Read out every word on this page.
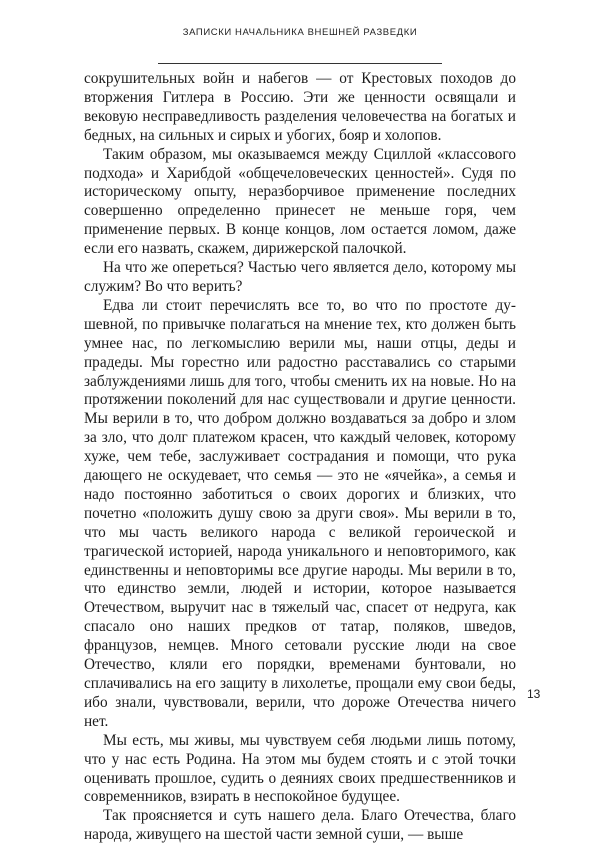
ЗАПИСКИ НАЧАЛЬНИКА ВНЕШНЕЙ РАЗВЕДКИ

сокрушительных войн и набегов — от Крестовых походов до вторжения Гитлера в Россию. Эти же ценности освящали и вековую несправедливость разделения человечества на богатых и бедных, на сильных и сирых и убогих, бояр и холопов.

Таким образом, мы оказываемся между Сциллой «классового подхода» и Харибдой «общечеловеческих ценностей». Судя по историческому опыту, неразборчивое применение последних совершенно определенно принесет не меньше горя, чем применение первых. В конце концов, лом остается ломом, даже если его назвать, скажем, дирижерской палочкой.

На что же опереться? Частью чего является дело, которому мы служим? Во что верить?

Едва ли стоит перечислять все то, во что по простоте душевной, по привычке полагаться на мнение тех, кто должен быть умнее нас, по легкомыслию верили мы, наши отцы, деды и прадеды. Мы горестно или радостно расставались со старыми заблуждениями лишь для того, чтобы сменить их на новые. Но на протяжении поколений для нас существовали и другие ценности. Мы верили в то, что добром должно воздаваться за добро и злом за зло, что долг платежом красен, что каждый человек, которому хуже, чем тебе, заслуживает сострадания и помощи, что рука дающего не оскудевает, что семья — это не «ячейка», а семья и надо постоянно заботиться о своих дорогих и близких, что почетно «положить душу свою за други своя». Мы верили в то, что мы часть великого народа с великой героической и трагической историей, народа уникального и неповторимого, как единственны и неповторимы все другие народы. Мы верили в то, что единство земли, людей и истории, которое называется Отечеством, выручит нас в тяжелый час, спасет от недруга, как спасало оно наших предков от татар, поляков, шведов, французов, немцев. Много сетовали русские люди на свое Отечество, кляли его порядки, временами бунтовали, но сплачивались на его защиту в лихолетье, прощали ему свои беды, ибо знали, чувствовали, верили, что дороже Отечества ничего нет.

Мы есть, мы живы, мы чувствуем себя людьми лишь потому, что у нас есть Родина. На этом мы будем стоять и с этой точки оценивать прошлое, судить о деяниях своих предшественников и современников, взирать в неспокойное будущее.

Так проясняется и суть нашего дела. Благо Отечества, благо народа, живущего на шестой части земной суши, — выше

13
